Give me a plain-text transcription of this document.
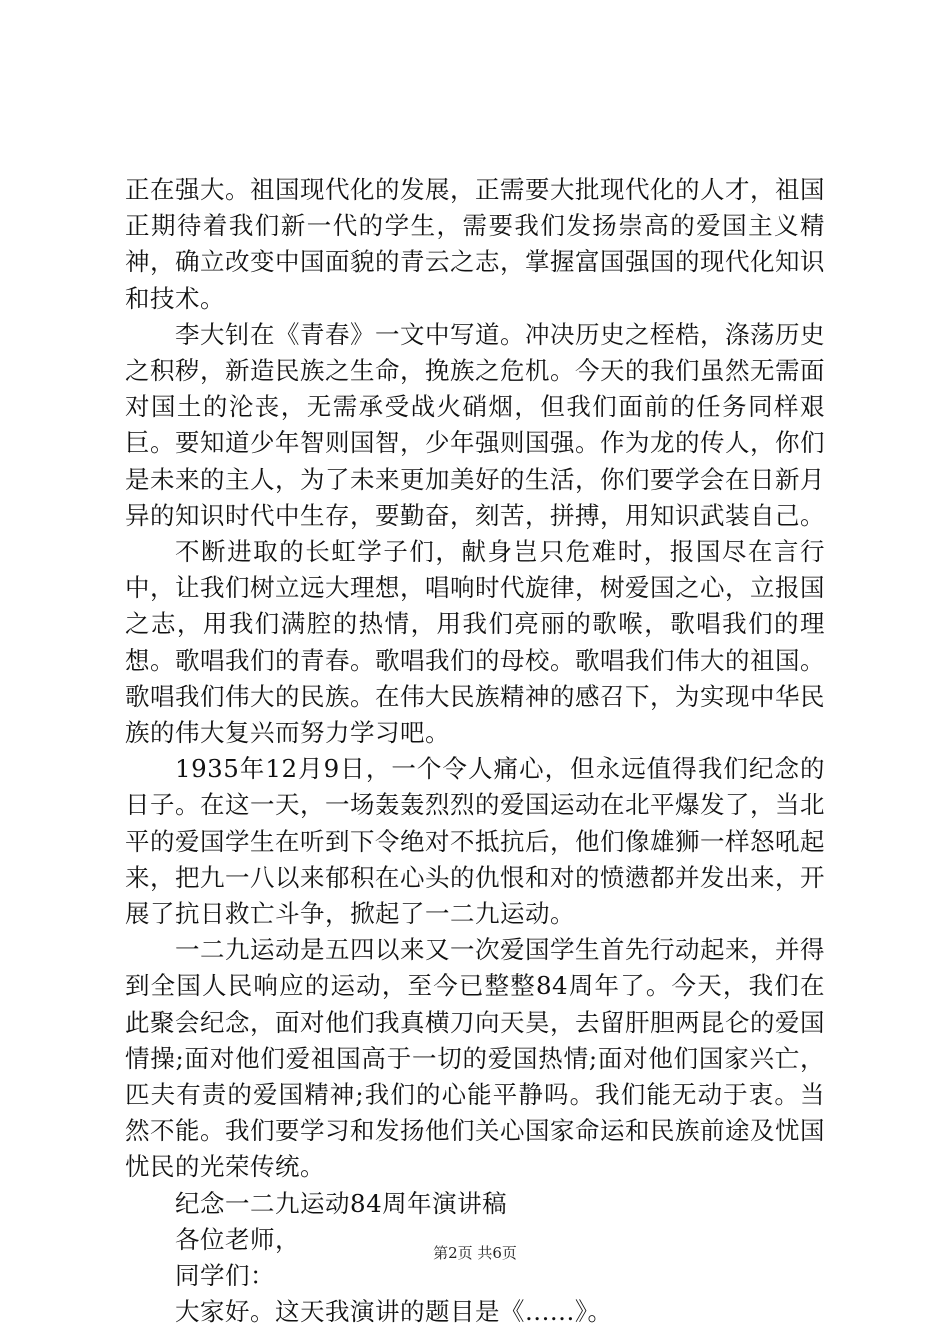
正在强大。祖国现代化的发展，正需要大批现代化的人才，祖国正期待着我们新一代的学生，需要我们发扬崇高的爱国主义精神，确立改变中国面貌的青云之志，掌握富国强国的现代化知识和技术。

李大钊在《青春》一文中写道。冲决历史之桎梏，涤荡历史之积秽，新造民族之生命，挽族之危机。今天的我们虽然无需面对国土的沦丧，无需承受战火硝烟，但我们面前的任务同样艰巨。要知道少年智则国智，少年强则国强。作为龙的传人，你们是未来的主人，为了未来更加美好的生活，你们要学会在日新月异的知识时代中生存，要勤奋，刻苦，拼搏，用知识武装自己。

不断进取的长虹学子们，献身岂只危难时，报国尽在言行中，让我们树立远大理想，唱响时代旋律，树爱国之心，立报国之志，用我们满腔的热情，用我们亮丽的歌喉，歌唱我们的理想。歌唱我们的青春。歌唱我们的母校。歌唱我们伟大的祖国。歌唱我们伟大的民族。在伟大民族精神的感召下，为实现中华民族的伟大复兴而努力学习吧。

1935年12月9日，一个令人痛心，但永远值得我们纪念的日子。在这一天，一场轰轰烈烈的爱国运动在北平爆发了，当北平的爱国学生在听到下令绝对不抵抗后，他们像雄狮一样怒吼起来，把九一八以来郁积在心头的仇恨和对的愤懑都并发出来，开展了抗日救亡斗争，掀起了一二九运动。

一二九运动是五四以来又一次爱国学生首先行动起来，并得到全国人民响应的运动，至今已整整84周年了。今天，我们在此聚会纪念，面对他们我真横刀向天昊，去留肝胆两昆仑的爱国情操;面对他们爱祖国高于一切的爱国热情;面对他们国家兴亡，匹夫有责的爱国精神;我们的心能平静吗。我们能无动于衷。当然不能。我们要学习和发扬他们关心国家命运和民族前途及忧国忧民的光荣传统。

纪念一二九运动84周年演讲稿

各位老师，

同学们：

大家好。这天我演讲的题目是《......》。

第2页 共6页
